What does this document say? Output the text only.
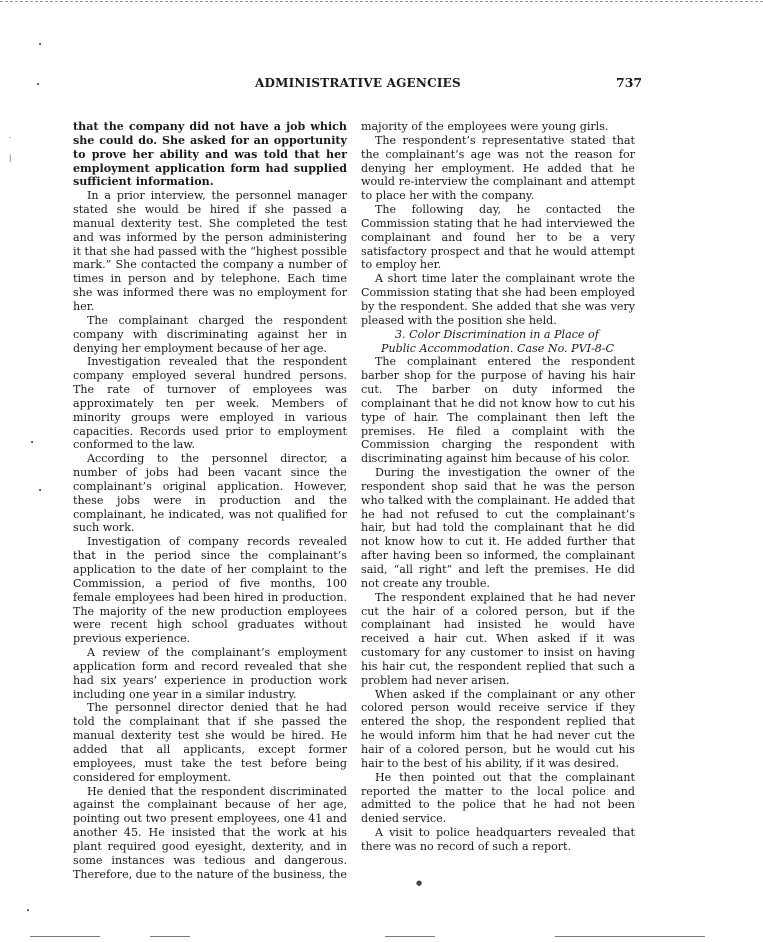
ADMINISTRATIVE AGENCIES	737

that the company did not have a job which she could do. She asked for an opportunity to prove her ability and was told that her employment application form had supplied sufficient information.

In a prior interview, the personnel manager stated she would be hired if she passed a manual dexterity test. She completed the test and was informed by the person administering it that she had passed with the “highest possible mark.” She contacted the company a number of times in person and by telephone. Each time she was informed there was no employment for her.

The complainant charged the respondent company with discriminating against her in denying her employment because of her age.

Investigation revealed that the respondent company employed several hundred persons. The rate of turnover of employees was approximately ten per week. Members of minority groups were employed in various capacities. Records used prior to employment conformed to the law.

According to the personnel director, a number of jobs had been vacant since the complainant’s original application. However, these jobs were in production and the complainant, he indicated, was not qualified for such work.

Investigation of company records revealed that in the period since the complainant’s application to the date of her complaint to the Commission, a period of five months, 100 female employees had been hired in production. The majority of the new production employees were recent high school graduates without previous experience.

A review of the complainant’s employment application form and record revealed that she had six years’ experience in production work including one year in a similar industry.

The personnel director denied that he had told the complainant that if she passed the manual dexterity test she would be hired. He added that all applicants, except former employees, must take the test before being considered for employment.

He denied that the respondent discriminated against the complainant because of her age, pointing out two present employees, one 41 and another 45. He insisted that the work at his plant required good eyesight, dexterity, and in some instances was tedious and dangerous. Therefore, due to the nature of the business, the

majority of the employees were young girls.

The respondent’s representative stated that the complainant’s age was not the reason for denying her employment. He added that he would re-interview the complainant and attempt to place her with the company.

The following day, he contacted the Commission stating that he had interviewed the complainant and found her to be a very satisfactory prospect and that he would attempt to employ her.

A short time later the complainant wrote the Commission stating that she had been employed by the respondent. She added that she was very pleased with the position she held.

3. Color Discrimination in a Place of Public Accommodation. Case No. PVI-8-C

The complainant entered the respondent barber shop for the purpose of having his hair cut. The barber on duty informed the complainant that he did not know how to cut his type of hair. The complainant then left the premises. He filed a complaint with the Commission charging the respondent with discriminating against him because of his color.

During the investigation the owner of the respondent shop said that he was the person who talked with the complainant. He added that he had not refused to cut the complainant’s hair, but had told the complainant that he did not know how to cut it. He added further that after having been so informed, the complainant said, “all right” and left the premises. He did not create any trouble.

The respondent explained that he had never cut the hair of a colored person, but if the complainant had insisted he would have received a hair cut. When asked if it was customary for any customer to insist on having his hair cut, the respondent replied that such a problem had never arisen.

When asked if the complainant or any other colored person would receive service if they entered the shop, the respondent replied that he would inform him that he had never cut the hair of a colored person, but he would cut his hair to the best of his ability, if it was desired.

He then pointed out that the complainant reported the matter to the local police and admitted to the police that he had not been denied service.

A visit to police headquarters revealed that there was no record of such a report.

•
•
·
|
•
•
•
●
